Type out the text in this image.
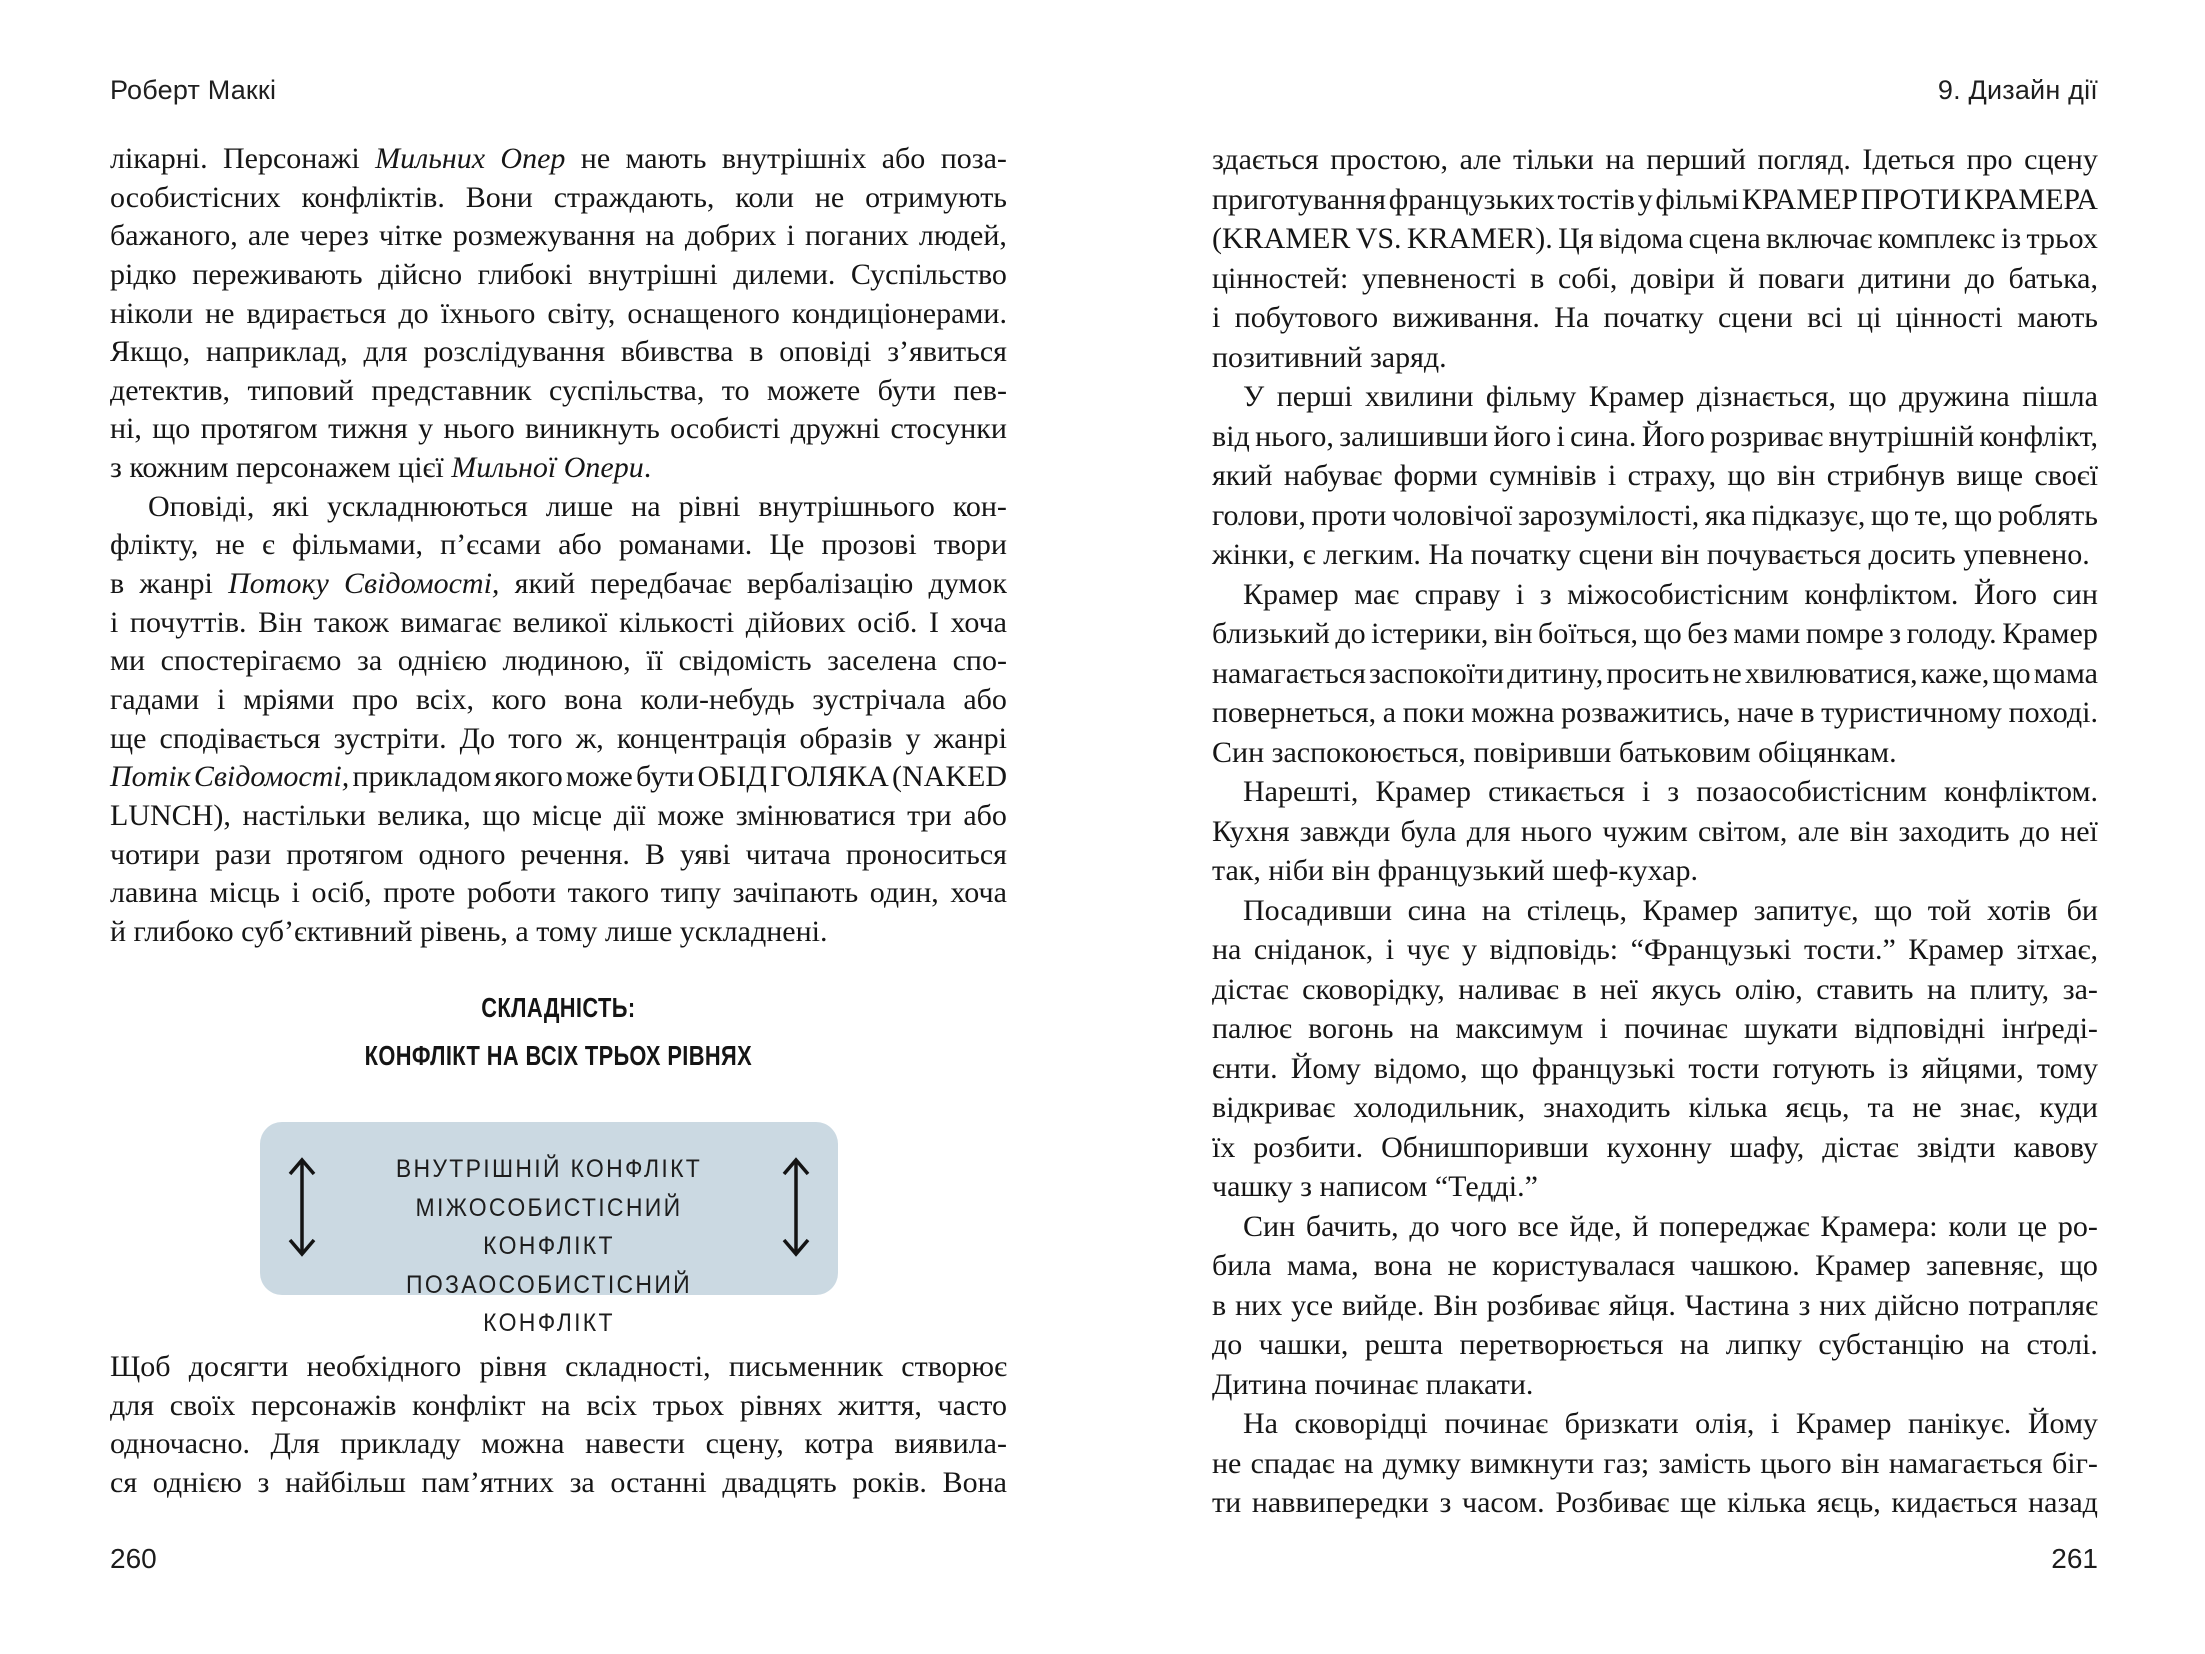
Роберт Маккі
лікарні. Персонажі Мильних Опер не мають внутрішніх або поза-
особистісних конфліктів. Вони страждають, коли не отримують
бажаного, але через чітке розмежування на добрих і поганих людей,
рідко переживають дійсно глибокі внутрішні дилеми. Суспільство
ніколи не вдирається до їхнього світу, оснащеного кондиціонерами.
Якщо, наприклад, для розслідування вбивства в оповіді з’явиться
детектив, типовий представник суспільства, то можете бути пев-
ні, що протягом тижня у нього виникнуть особисті дружні стосунки
з кожним персонажем цієї Мильної Опери.
Оповіді, які ускладнюються лише на рівні внутрішнього кон-
флікту, не є фільмами, п’єсами або романами. Це прозові твори
в жанрі Потоку Свідомості, який передбачає вербалізацію думок
і почуттів. Він також вимагає великої кількості дійових осіб. І хоча
ми спостерігаємо за однією людиною, її свідомість заселена спо-
гадами і мріями про всіх, кого вона коли-небудь зустрічала або
ще сподівається зустріти. До того ж, концентрація образів у жанрі
Потік Свідомості, прикладом якого може бути ОБІД ГОЛЯКА (NAKED
LUNCH), настільки велика, що місце дії може змінюватися три або
чотири рази протягом одного речення. В уяві читача проноситься
лавина місць і осіб, проте роботи такого типу зачіпають один, хоча
й глибоко суб’єктивний рівень, а тому лише ускладнені.
СКЛАДНІСТЬ:
КОНФЛІКТ НА ВСІХ ТРЬОХ РІВНЯХ
ВНУТРІШНІЙ КОНФЛІКТ
МІЖОСОБИСТІСНИЙ КОНФЛІКТ
ПОЗАОСОБИСТІСНИЙ КОНФЛІКТ
Щоб досягти необхідного рівня складності, письменник створює
для своїх персонажів конфлікт на всіх трьох рівнях життя, часто
одночасно. Для прикладу можна навести сцену, котра виявила-
ся однією з найбільш пам’ятних за останні двадцять років. Вона
260
9. Дизайн дії
здається простою, але тільки на перший погляд. Ідеться про сцену
приготування французьких тостів у фільмі КРАМЕР ПРОТИ КРАМЕРА
(KRAMER VS. KRAMER). Ця відома сцена включає комплекс із трьох
цінностей: упевненості в собі, довіри й поваги дитини до батька,
і побутового виживання. На початку сцени всі ці цінності мають
позитивний заряд.
У перші хвилини фільму Крамер дізнається, що дружина пішла
від нього, залишивши його і сина. Його розриває внутрішній конфлікт,
який набуває форми сумнівів і страху, що він стрибнув вище своєї
голови, проти чоловічої зарозумілості, яка підказує, що те, що роблять
жінки, є легким. На початку сцени він почувається досить упевнено.
Крамер має справу і з міжособистісним конфліктом. Його син
близький до істерики, він боїться, що без мами помре з голоду. Крамер
намагається заспокоїти дитину, просить не хвилюватися, каже, що мама
повернеться, а поки можна розважитись, наче в туристичному поході.
Син заспокоюється, повіривши батьковим обіцянкам.
Нарешті, Крамер стикається і з позаособистісним конфліктом.
Кухня завжди була для нього чужим світом, але він заходить до неї
так, ніби він французький шеф-кухар.
Посадивши сина на стілець, Крамер запитує, що той хотів би
на сніданок, і чує у відповідь: “Французькі тости.” Крамер зітхає,
дістає сковорідку, наливає в неї якусь олію, ставить на плиту, за-
палює вогонь на максимум і починає шукати відповідні інґреді-
єнти. Йому відомо, що французькі тости готують із яйцями, тому
відкриває холодильник, знаходить кілька яєць, та не знає, куди
їх розбити. Обнишпоривши кухонну шафу, дістає звідти кавову
чашку з написом “Тедді.”
Син бачить, до чого все йде, й попереджає Крамера: коли це ро-
била мама, вона не користувалася чашкою. Крамер запевняє, що
в них усе вийде. Він розбиває яйця. Частина з них дійсно потрапляє
до чашки, решта перетворюється на липку субстанцію на столі.
Дитина починає плакати.
На сковорідці починає бризкати олія, і Крамер панікує. Йому
не спадає на думку вимкнути газ; замість цього він намагається біг-
ти наввипередки з часом. Розбиває ще кілька яєць, кидається назад
261
